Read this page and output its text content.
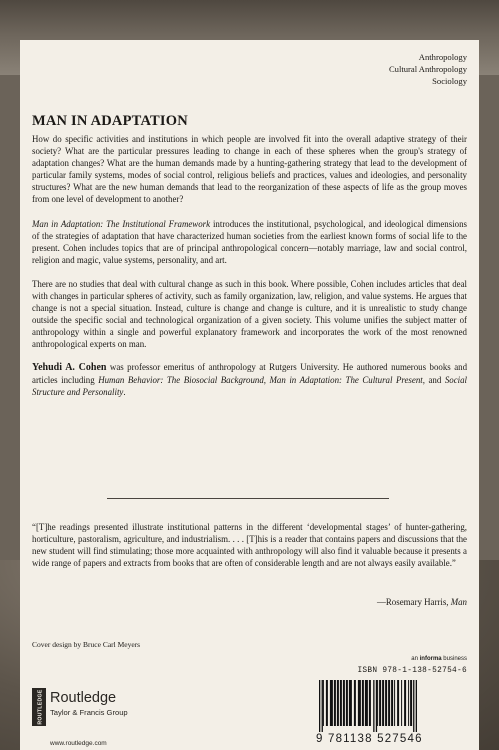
Anthropology
Cultural Anthropology
Sociology
MAN IN ADAPTATION

How do specific activities and institutions in which people are involved fit into the overall adaptive strategy of their society? What are the particular pressures leading to change in each of these spheres when the group's strategy of adaptation changes? What are the human demands made by a hunting-gathering strategy that lead to the development of particular family systems, modes of social control, religious beliefs and practices, values and ideologies, and personality structures? What are the new human demands that lead to the reorganization of these aspects of life as the group moves from one level of development to another?

Man in Adaptation: The Institutional Framework introduces the institutional, psychological, and ideological dimensions of the strategies of adaptation that have characterized human societies from the earliest known forms of social life to the present. Cohen includes topics that are of principal anthropological concern—notably marriage, law and social control, religion and magic, value systems, personality, and art.

There are no studies that deal with cultural change as such in this book. Where possible, Cohen includes articles that deal with changes in particular spheres of activity, such as family organization, law, religion, and value systems. He argues that change is not a special situation. Instead, culture is change and change is culture, and it is unrealistic to study change outside the specific social and technological organization of a given society. This volume unifies the subject matter of anthropology within a single and powerful explanatory framework and incorporates the work of the most renowned anthropological experts on man.

Yehudi A. Cohen was professor emeritus of anthropology at Rutgers University. He authored numerous books and articles including Human Behavior: The Biosocial Background, Man in Adaptation: The Cultural Present, and Social Structure and Personality.

“[T]he readings presented illustrate institutional patterns in the different ‘developmental stages’ of hunter-gathering, horticulture, pastoralism, agriculture, and industrialism. . . . [T]his is a reader that contains papers and discussions that the new student will find stimulating; those more acquainted with anthropology will also find it valuable because it presents a wide range of papers and extracts from books that are often of considerable length and are not always easily available.”
—Rosemary Harris, Man
Cover design by Bruce Carl Meyers
an informa business
ISBN 978-1-138-52754-6
9 781138 527546
ROUTLEDGE Routledge
Taylor & Francis Group
www.routledge.com
